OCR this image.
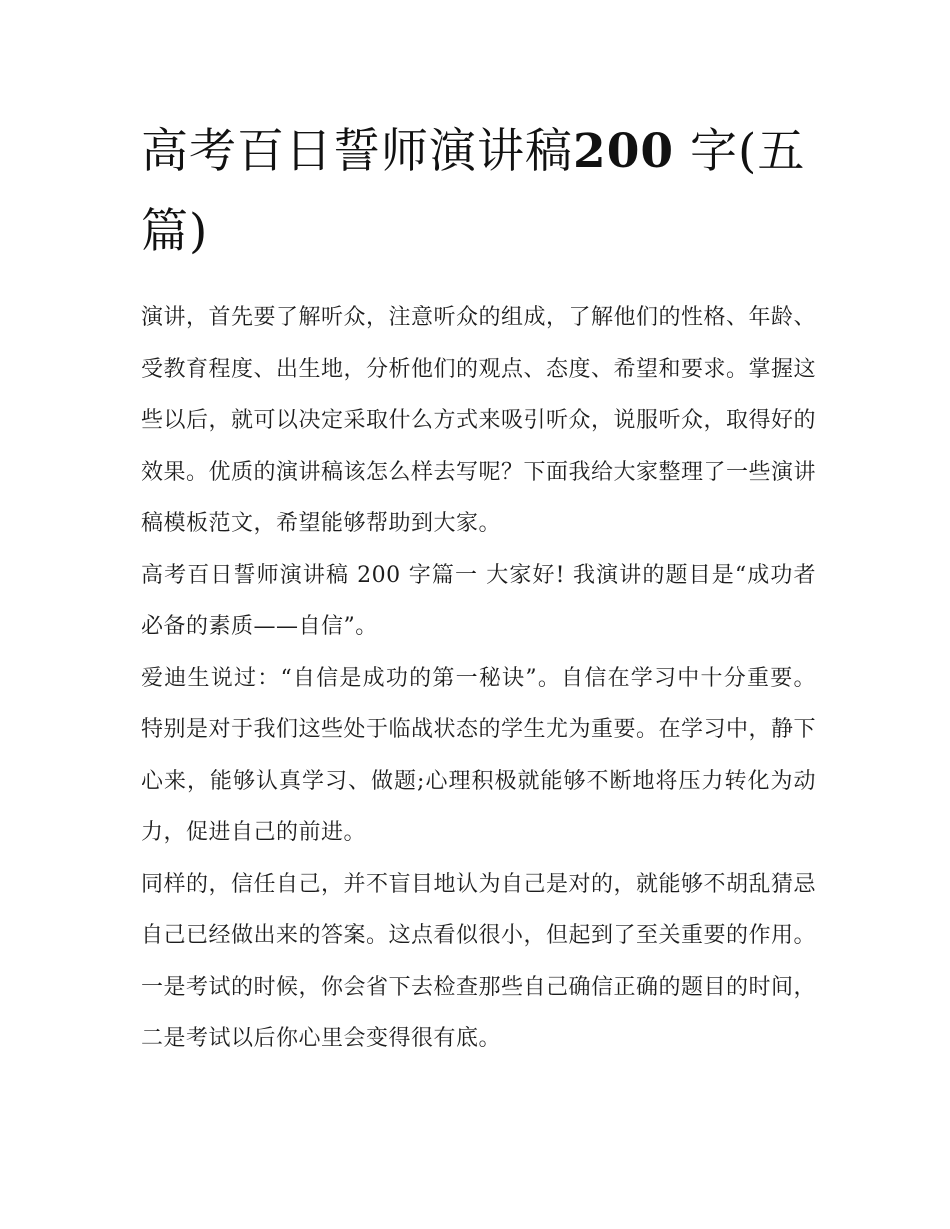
高考百日誓师演讲稿200 字(五篇)

演讲，首先要了解听众，注意听众的组成，了解他们的性格、年龄、受教育程度、出生地，分析他们的观点、态度、希望和要求。掌握这些以后，就可以决定采取什么方式来吸引听众，说服听众，取得好的效果。优质的演讲稿该怎么样去写呢？下面我给大家整理了一些演讲稿模板范文，希望能够帮助到大家。

高考百日誓师演讲稿 200 字篇一 大家好! 我演讲的题目是“成功者必备的素质——自信”。

爱迪生说过：“自信是成功的第一秘诀”。自信在学习中十分重要。特别是对于我们这些处于临战状态的学生尤为重要。在学习中，静下心来，能够认真学习、做题;心理积极就能够不断地将压力转化为动力，促进自己的前进。

同样的，信任自己，并不盲目地认为自己是对的，就能够不胡乱猜忌自己已经做出来的答案。这点看似很小，但起到了至关重要的作用。一是考试的时候，你会省下去检查那些自己确信正确的题目的时间，二是考试以后你心里会变得很有底。
